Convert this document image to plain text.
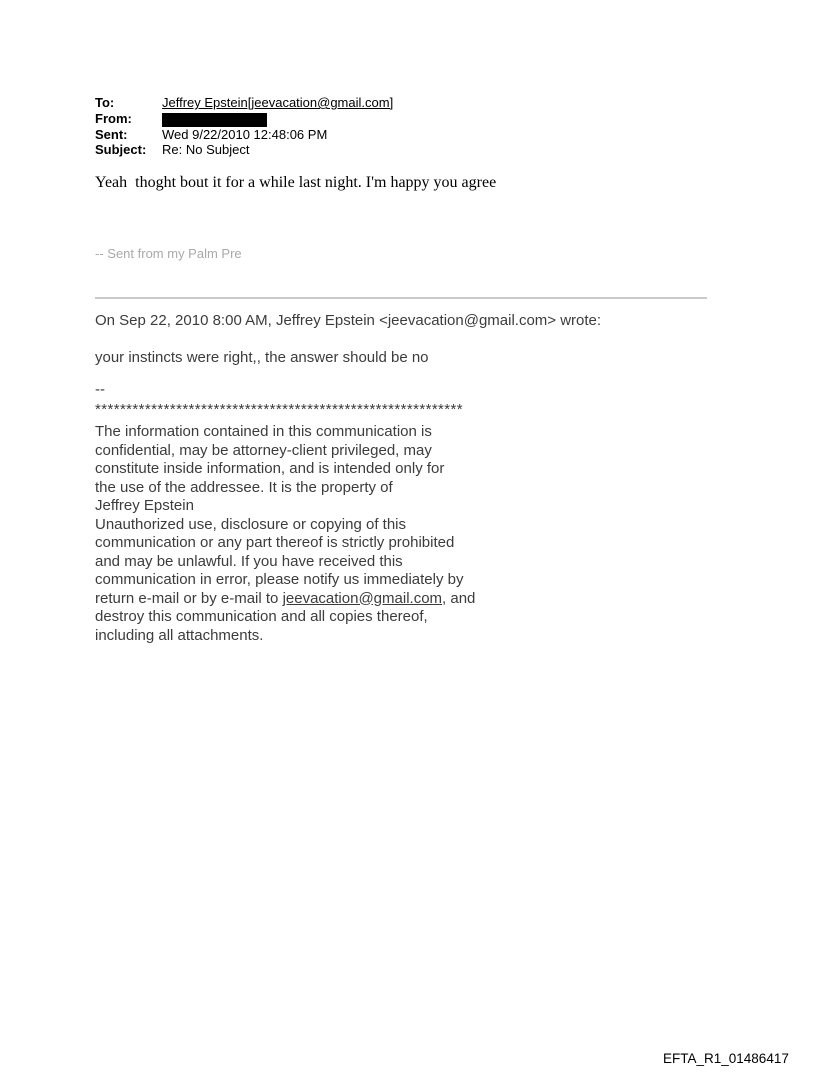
To:	Jeffrey Epstein[jeevacation@gmail.com]
From:
Sent:	Wed 9/22/2010 12:48:06 PM
Subject:	Re: No Subject
Yeah  thoght bout it for a while last night. I'm happy you agree
-- Sent from my Palm Pre
On Sep 22, 2010 8:00 AM, Jeffrey Epstein <jeevacation@gmail.com> wrote:
your instincts were right,, the answer should be no
--
***********************************************************
The information contained in this communication is
confidential, may be attorney-client privileged, may
constitute inside information, and is intended only for
the use of the addressee. It is the property of
Jeffrey Epstein
Unauthorized use, disclosure or copying of this
communication or any part thereof is strictly prohibited
and may be unlawful. If you have received this
communication in error, please notify us immediately by
return e-mail or by e-mail to jeevacation@gmail.com, and
destroy this communication and all copies thereof,
including all attachments.
EFTA_R1_01486417
